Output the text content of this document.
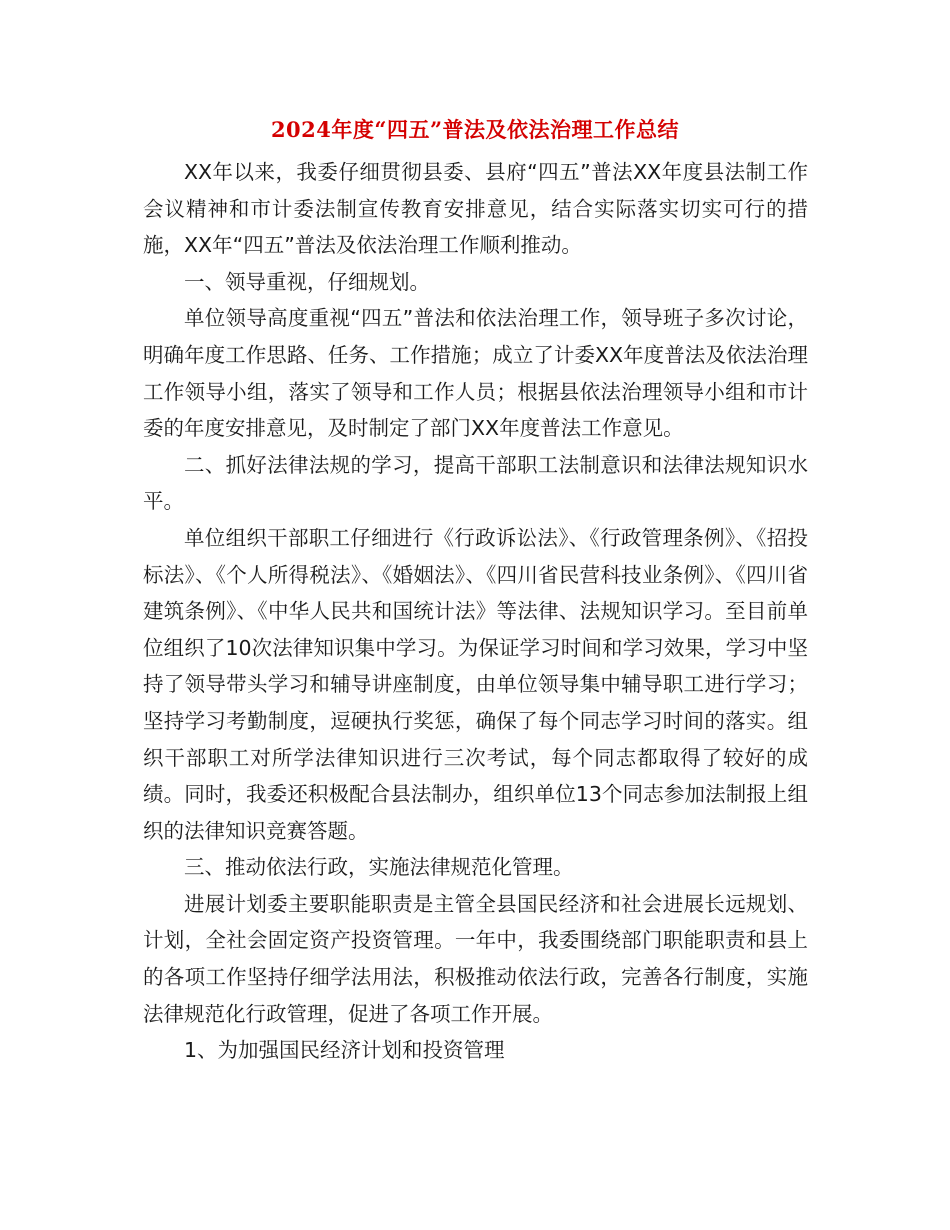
2024年度“四五”普法及依法治理工作总结

XX年以来，我委仔细贯彻县委、县府“四五”普法XX年度县法制工作会议精神和市计委法制宣传教育安排意见，结合实际落实切实可行的措施，XX年“四五”普法及依法治理工作顺利推动。

一、领导重视，仔细规划。

单位领导高度重视“四五”普法和依法治理工作，领导班子多次讨论，明确年度工作思路、任务、工作措施；成立了计委XX年度普法及依法治理工作领导小组，落实了领导和工作人员；根据县依法治理领导小组和市计委的年度安排意见，及时制定了部门XX年度普法工作意见。

二、抓好法律法规的学习，提高干部职工法制意识和法律法规知识水平。

单位组织干部职工仔细进行《行政诉讼法》、《行政管理条例》、《招投标法》、《个人所得税法》、《婚姻法》、《四川省民营科技业条例》、《四川省建筑条例》、《中华人民共和国统计法》等法律、法规知识学习。至目前单位组织了10次法律知识集中学习。为保证学习时间和学习效果，学习中坚持了领导带头学习和辅导讲座制度，由单位领导集中辅导职工进行学习；坚持学习考勤制度，逗硬执行奖惩，确保了每个同志学习时间的落实。组织干部职工对所学法律知识进行三次考试，每个同志都取得了较好的成绩。同时，我委还积极配合县法制办，组织单位13个同志参加法制报上组织的法律知识竞赛答题。

三、推动依法行政，实施法律规范化管理。

进展计划委主要职能职责是主管全县国民经济和社会进展长远规划、计划，全社会固定资产投资管理。一年中，我委围绕部门职能职责和县上的各项工作坚持仔细学法用法，积极推动依法行政，完善各行制度，实施法律规范化行政管理，促进了各项工作开展。

1、为加强国民经济计划和投资管理
